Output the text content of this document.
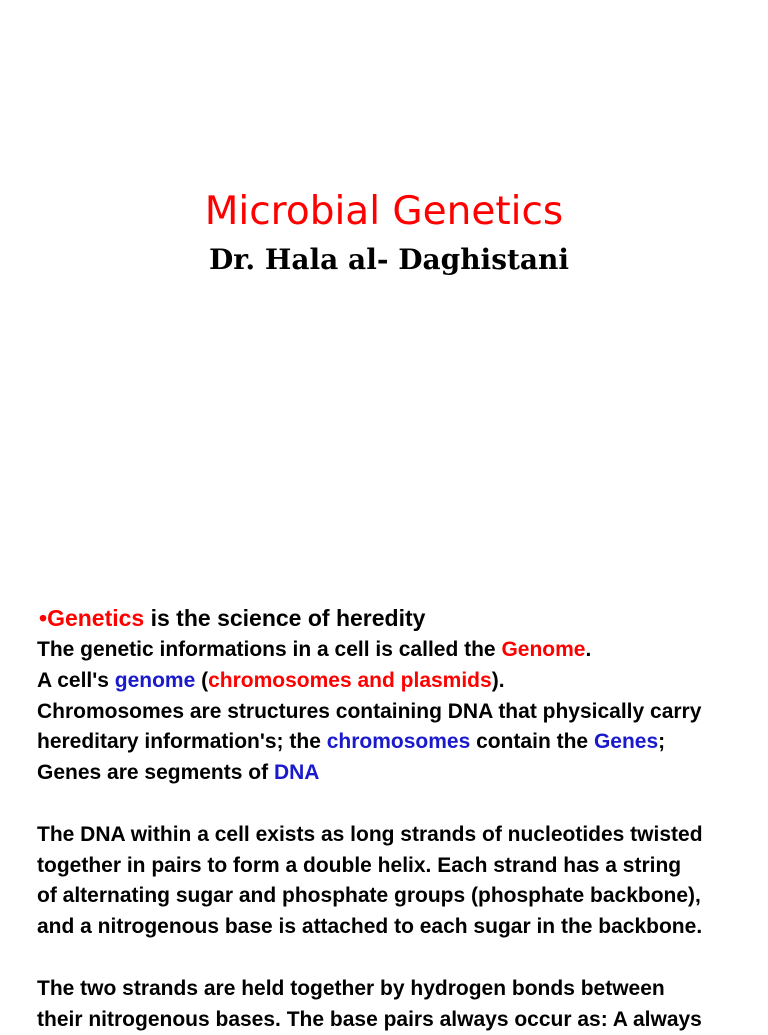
Microbial Genetics
Dr. Hala al- Daghistani
•Genetics is the science of heredity
The genetic informations in a cell is called the Genome.
A cell's genome (chromosomes and plasmids).
Chromosomes are structures containing DNA that physically carry
hereditary information's; the chromosomes contain the Genes;
Genes are segments of DNA
The DNA within a cell exists as long strands of nucleotides twisted
together in pairs to form a double helix. Each strand has a string
of alternating sugar and phosphate groups (phosphate backbone),
and a nitrogenous base is attached to each sugar in the backbone.
The two strands are held together by hydrogen bonds between
their nitrogenous bases. The base pairs always occur as: A always
